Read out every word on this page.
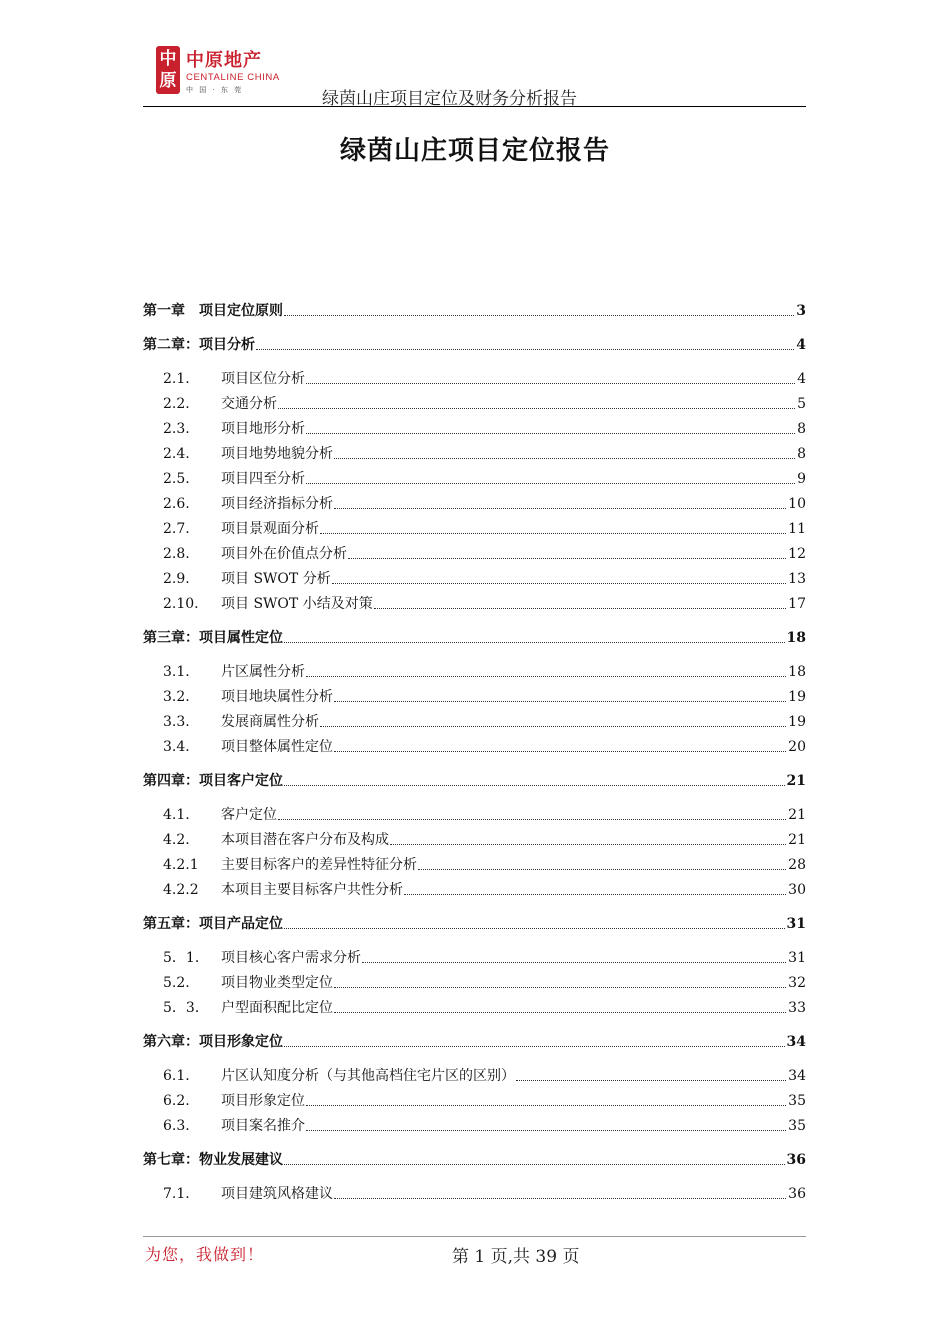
中
原
中原地产
CENTALINE CHINA
中 国 · 东 莞	绿茵山庄项目定位及财务分析报告
绿茵山庄项目定位报告
第一章　项目定位原则	3
第二章：项目分析	4
2.1.	项目区位分析	4
2.2.	交通分析	5
2.3.	项目地形分析	8
2.4.	项目地势地貌分析	8
2.5.	项目四至分析	9
2.6.	项目经济指标分析	10
2.7.	项目景观面分析	11
2.8.	项目外在价值点分析	12
2.9.	项目 SWOT 分析	13
2.10.	项目 SWOT 小结及对策	17
第三章：项目属性定位	18
3.1.	片区属性分析	18
3.2.	项目地块属性分析	19
3.3.	发展商属性分析	19
3.4.	项目整体属性定位	20
第四章：项目客户定位	21
4.1.	客户定位	21
4.2.	本项目潜在客户分布及构成	21
4.2.1	主要目标客户的差异性特征分析	28
4.2.2	本项目主要目标客户共性分析	30
第五章：项目产品定位	31
5．1． 项目核心客户需求分析	31
5.2.	项目物业类型定位	32
5．3． 户型面积配比定位	33
第六章：项目形象定位	34
6.1.	片区认知度分析（与其他高档住宅片区的区别）	34
6.2.	项目形象定位	35
6.3.	项目案名推介	35
第七章：物业发展建议	36
7.1.	项目建筑风格建议	36
为您，我做到！	第 1 页,共 39 页
